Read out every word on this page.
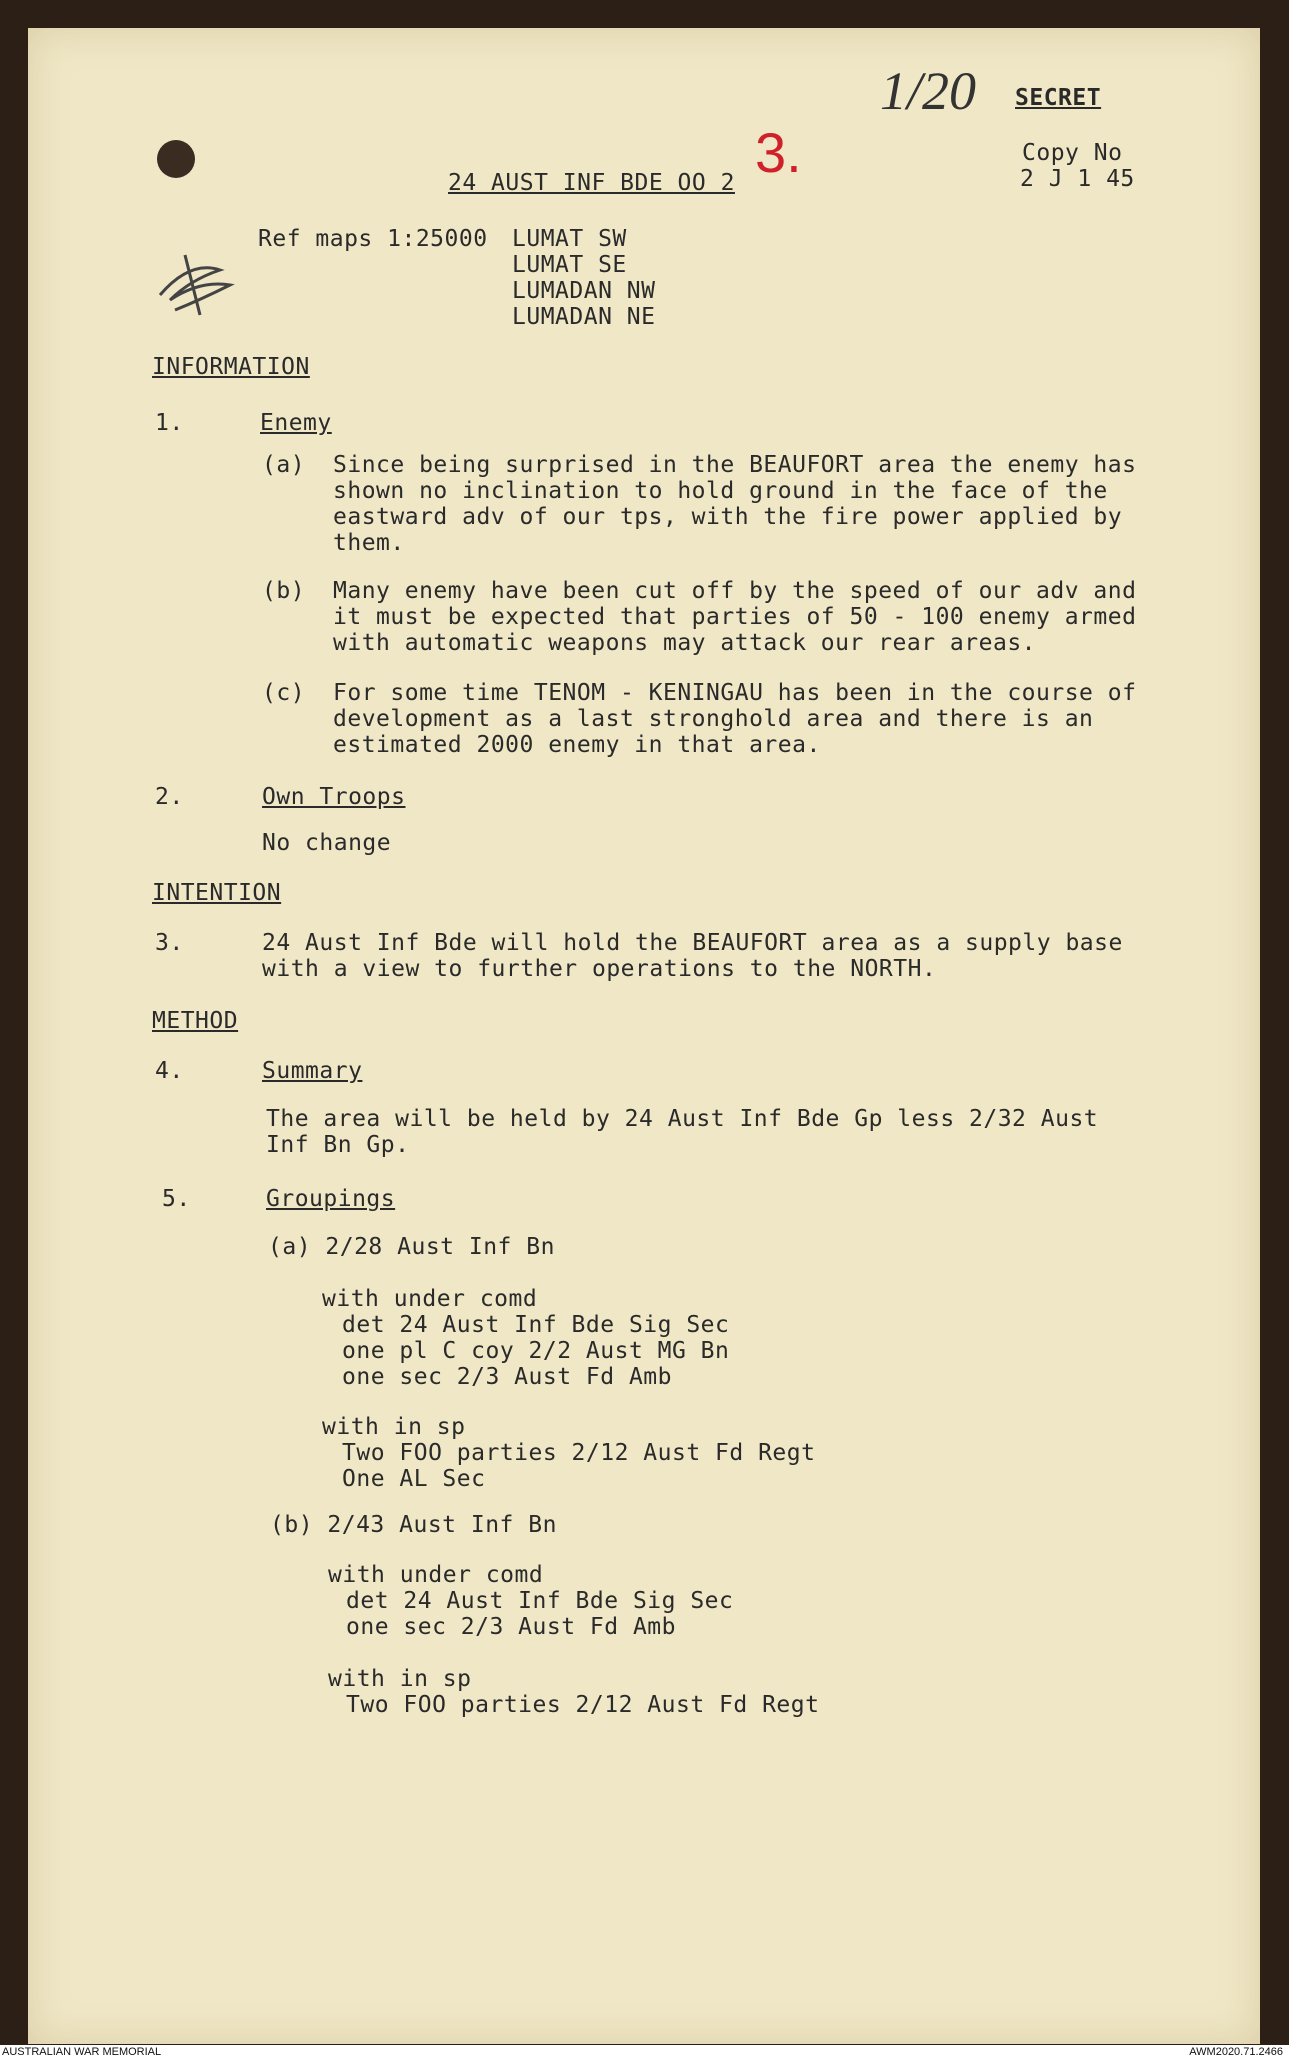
1/20
3.
SECRET
Copy No
2 J 1 45
24 AUST INF BDE OO 2
Ref maps 1:25000 LUMAT SW
LUMAT SE
LUMADAN NW
LUMADAN NE
INFORMATION
1.	Enemy
(a) Since being surprised in the BEAUFORT area the enemy has
shown no inclination to hold ground in the face of the
eastward adv of our tps, with the fire power applied by
them.
(b) Many enemy have been cut off by the speed of our adv and
it must be expected that parties of 50 - 100 enemy armed
with automatic weapons may attack our rear areas.
(c) For some time TENOM - KENINGAU has been in the course of
development as a last stronghold area and there is an
estimated 2000 enemy in that area.
2.	Own Troops
No change
INTENTION
3.	24 Aust Inf Bde will hold the BEAUFORT area as a supply base
with a view to further operations to the NORTH.
METHOD
4.	Summary
The area will be held by 24 Aust Inf Bde Gp less 2/32 Aust
Inf Bn Gp.
5.	Groupings
(a) 2/28 Aust Inf Bn
with under comd
det 24 Aust Inf Bde Sig Sec
one pl C coy 2/2 Aust MG Bn
one sec 2/3 Aust Fd Amb
with in sp
Two FOO parties 2/12 Aust Fd Regt
One AL Sec
(b) 2/43 Aust Inf Bn
with under comd
det 24 Aust Inf Bde Sig Sec
one sec 2/3 Aust Fd Amb
with in sp
Two FOO parties 2/12 Aust Fd Regt
AUSTRALIAN WAR MEMORIAL	AWM2020.71.2466
